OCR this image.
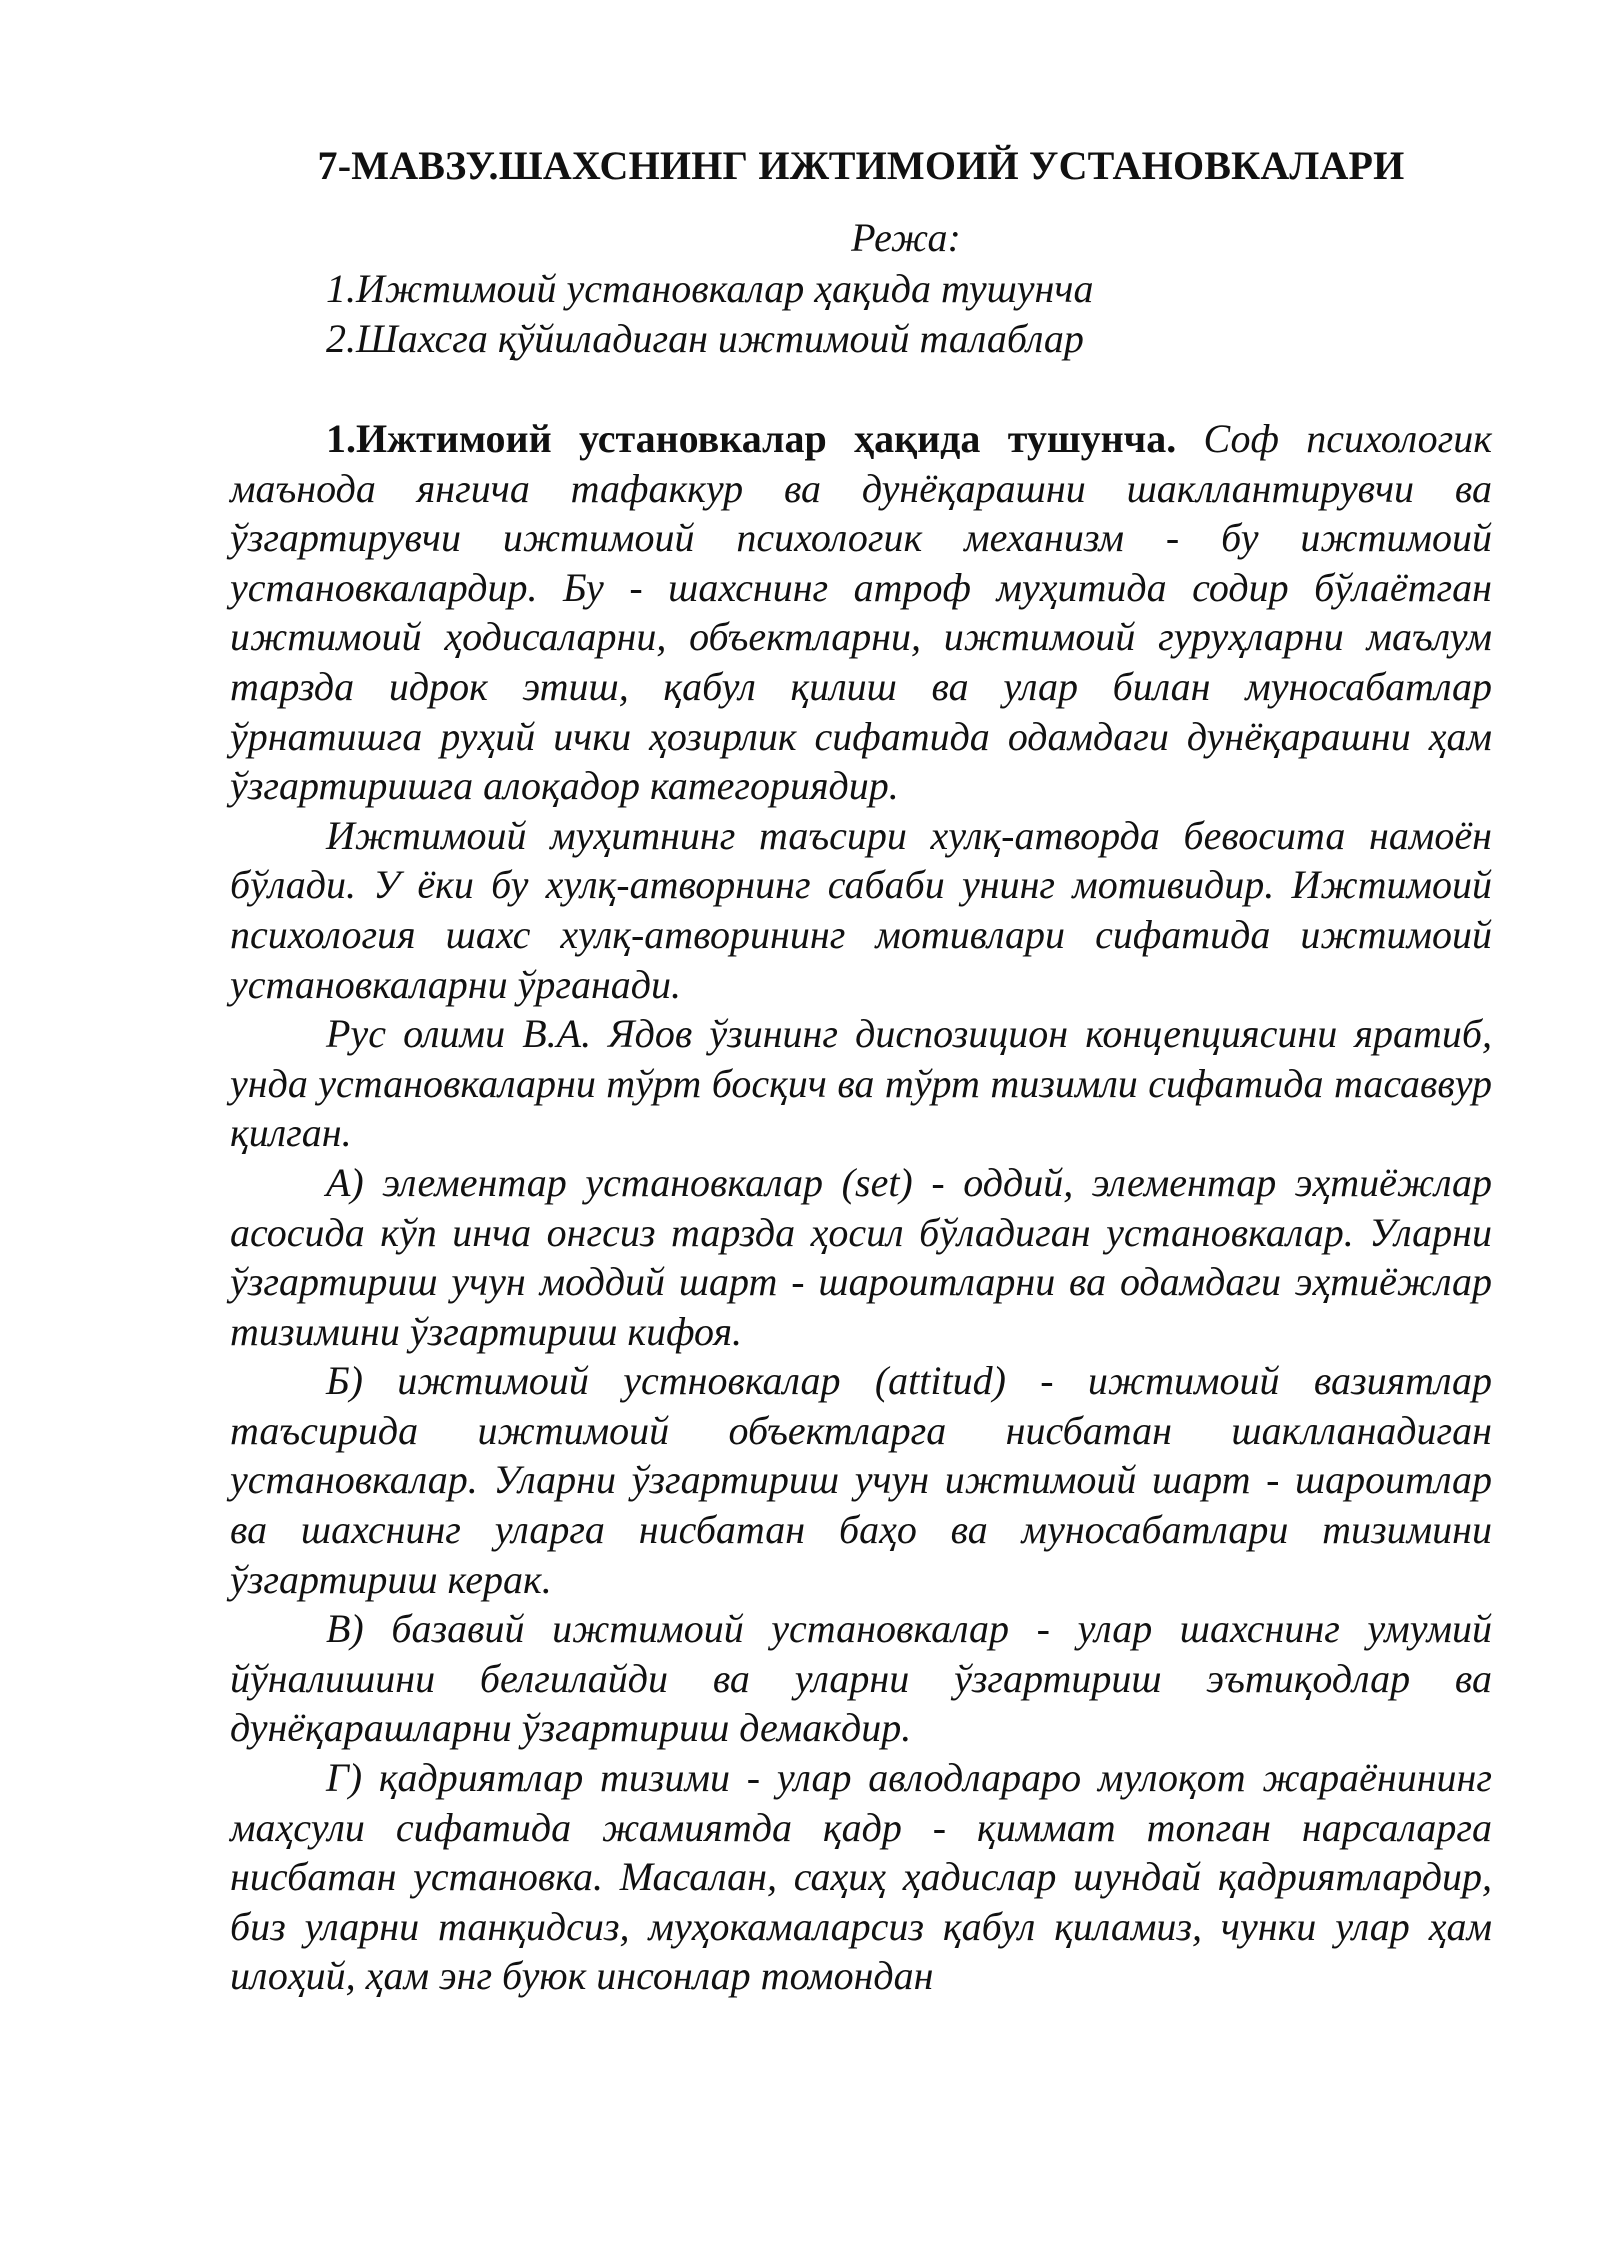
7-МАВЗУ.ШАХСНИНГ ИЖТИМОИЙ УСТАНОВКАЛАРИ

Режа:

1.Ижтимоий установкалар ҳақида тушунча

2.Шахсга қўйиладиган ижтимоий талаблар

1.Ижтимоий установкалар ҳақида тушунча. Соф психологик маънода янгича тафаккур ва дунёқарашни шакллантирувчи ва ўзгартирувчи ижтимоий психологик механизм - бу ижтимоий установкалардир. Бу - шахснинг атроф муҳитида содир бўлаётган ижтимоий ҳодисаларни, объектларни, ижтимоий гуруҳларни маълум тарзда идрок этиш, қабул қилиш ва улар билан муносабатлар ўрнатишга руҳий ички ҳозирлик сифатида одамдаги дунёқарашни ҳам ўзгартиришга алоқадор категориядир.

Ижтимоий муҳитнинг таъсири хулқ-атворда бевосита намоён бўлади. У ёки бу хулқ-атворнинг сабаби унинг мотивидир. Ижтимоий психология шахс хулқ-атворининг мотивлари сифатида ижтимоий установкаларни ўрганади.

Рус олими В.А. Ядов ўзининг диспозицион концепциясини яратиб, унда установкаларни тўрт босқич ва тўрт тизимли сифатида тасаввур қилган.

А) элементар установкалар (set) - оддий, элементар эҳтиёжлар асосида кўп инча онгсиз тарзда ҳосил бўладиган установкалар. Уларни ўзгартириш учун моддий шарт - шароитларни ва одамдаги эҳтиёжлар тизимини ўзгартириш кифоя.

Б) ижтимоий устновкалар (attitud) - ижтимоий вазиятлар таъсирида ижтимоий объектларга нисбатан шаклланадиган установкалар. Уларни ўзгартириш учун ижтимоий шарт - шароитлар ва шахснинг уларга нисбатан баҳо ва муносабатлари тизимини ўзгартириш керак.

В) базавий ижтимоий установкалар - улар шахснинг умумий йўналишини белгилайди ва уларни ўзгартириш эътиқодлар ва дунёқарашларни ўзгартириш демакдир.

Г) қадриятлар тизими - улар авлодлараро мулоқот жараёнининг маҳсули сифатида жамиятда қадр - қиммат топган нарсаларга нисбатан установка. Масалан, саҳиҳ ҳадислар шундай қадриятлардир, биз уларни танқидсиз, муҳокамаларсиз қабул қиламиз, чунки улар ҳам илоҳий, ҳам энг буюк инсонлар томондан
